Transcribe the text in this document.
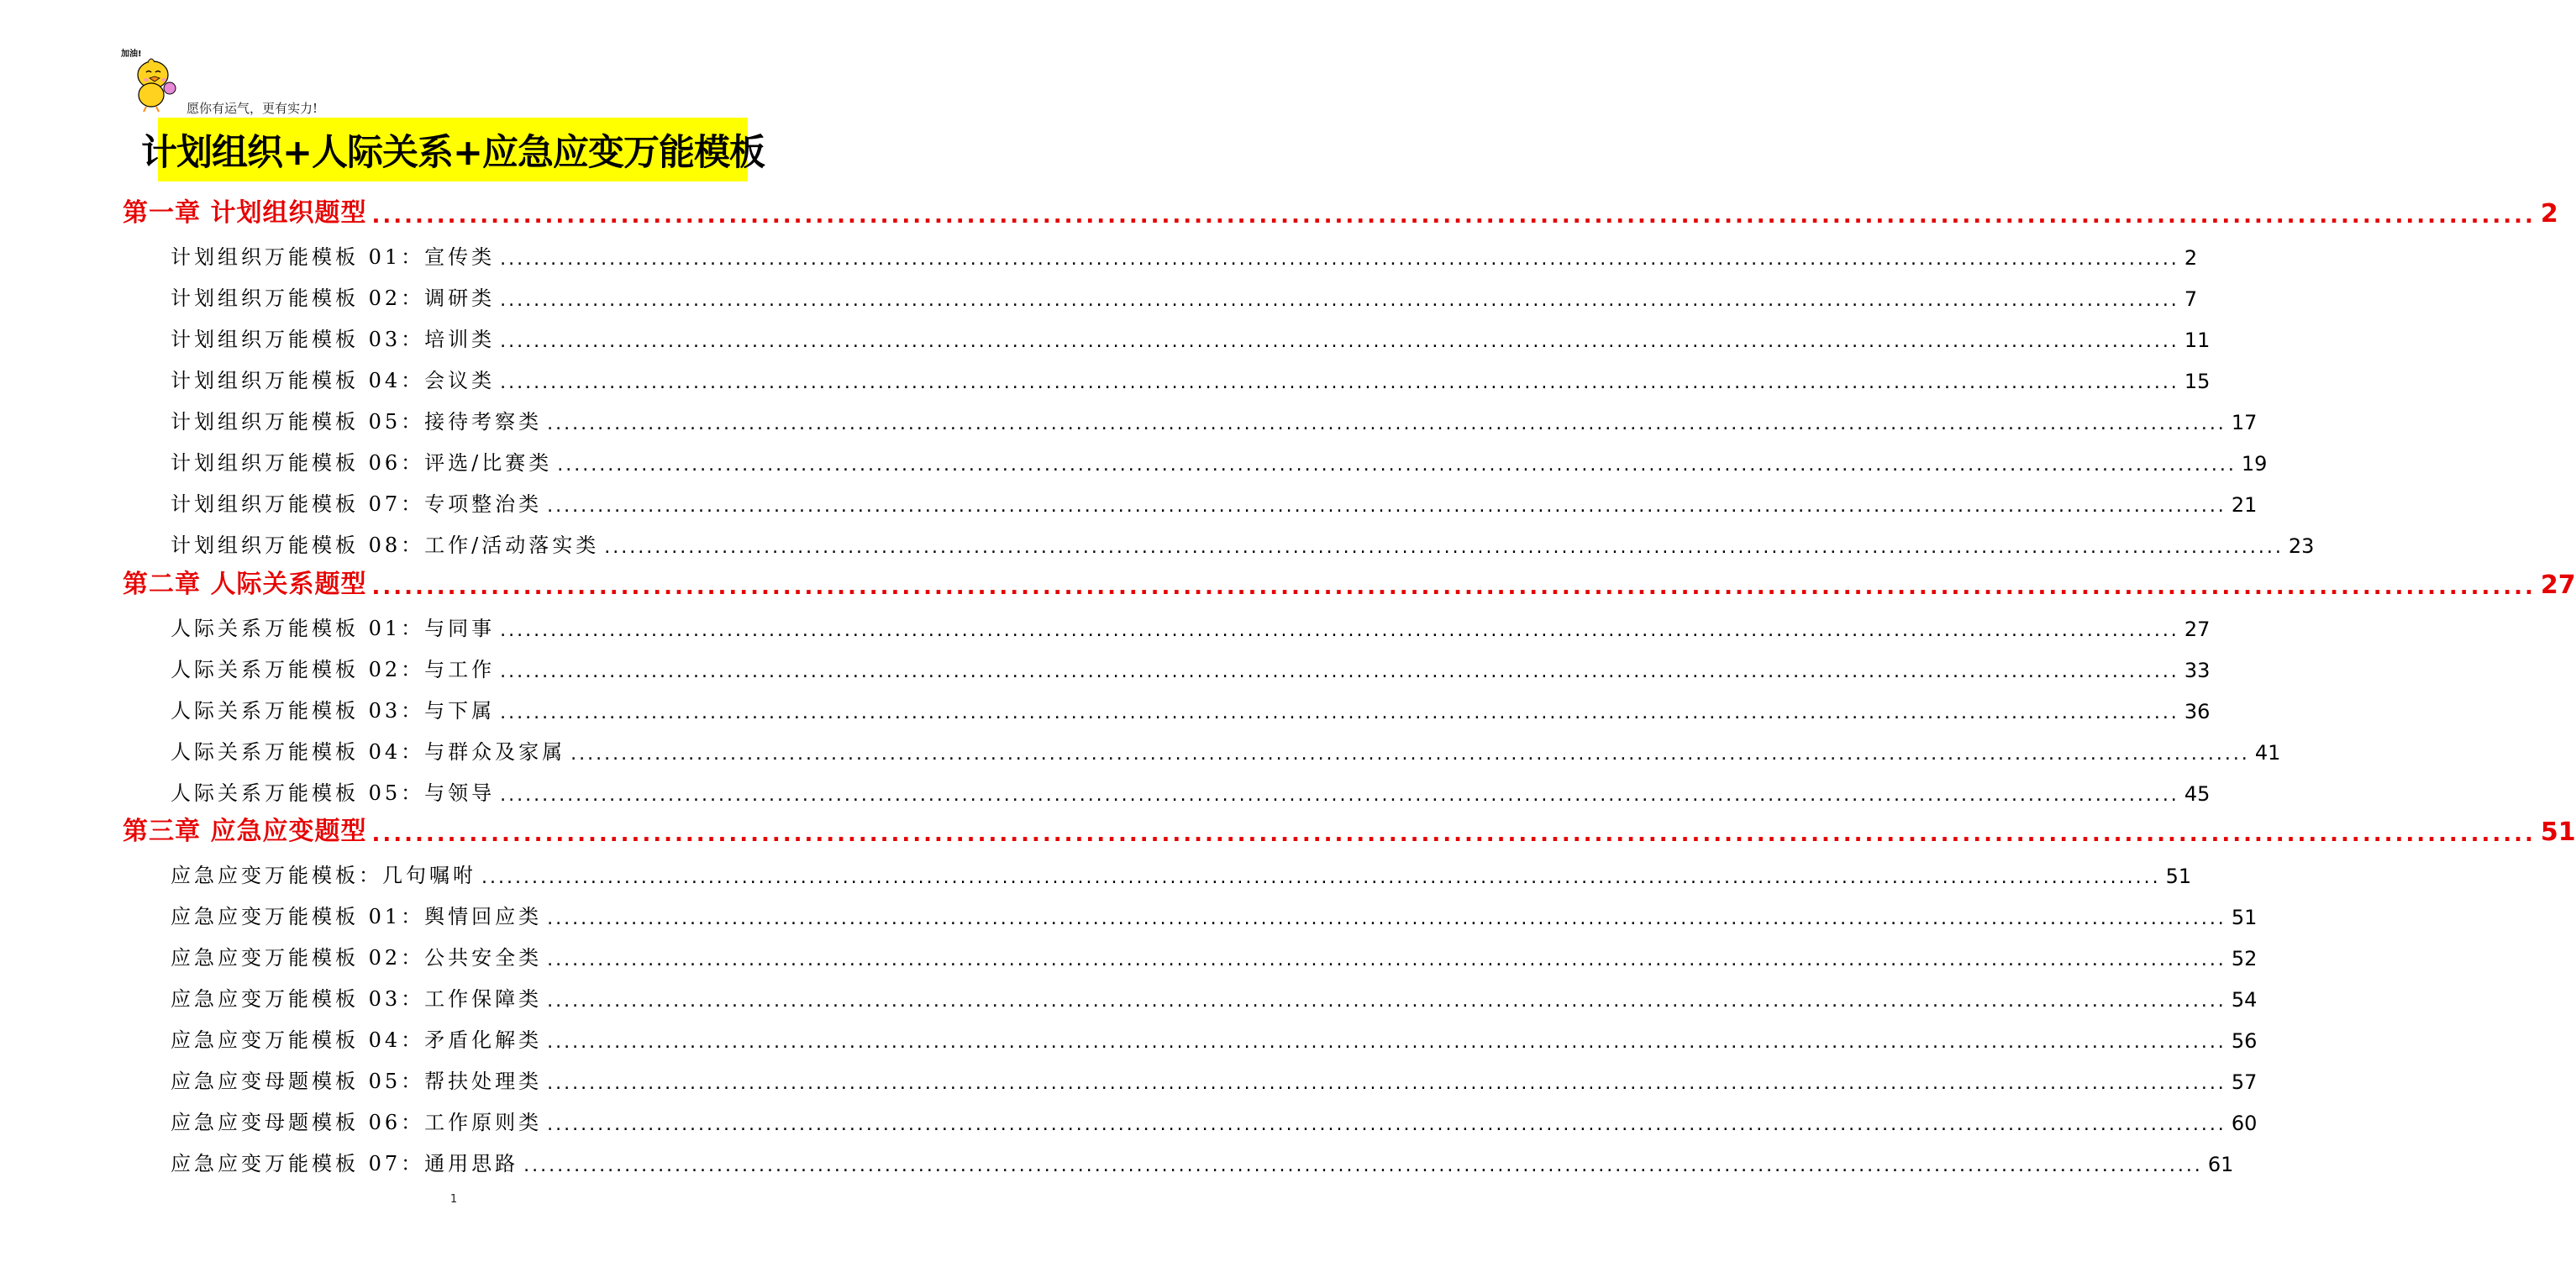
加油!
愿你有运气，更有实力!
计划组织+人际关系+应急应变万能模板
第一章 计划组织题型 ........................................................................................................................................................................................................ 2
计划组织万能模板 01：宣传类 ........................................................................................................................................................................................................ 2
计划组织万能模板 02：调研类 ........................................................................................................................................................................................................ 7
计划组织万能模板 03：培训类 ........................................................................................................................................................................................................ 11
计划组织万能模板 04：会议类 ........................................................................................................................................................................................................ 15
计划组织万能模板 05：接待考察类 ........................................................................................................................................................................................................ 17
计划组织万能模板 06：评选/比赛类 ........................................................................................................................................................................................................ 19
计划组织万能模板 07：专项整治类 ........................................................................................................................................................................................................ 21
计划组织万能模板 08：工作/活动落实类 ........................................................................................................................................................................................................ 23
第二章 人际关系题型 ........................................................................................................................................................................................................ 27
人际关系万能模板 01：与同事 ........................................................................................................................................................................................................ 27
人际关系万能模板 02：与工作 ........................................................................................................................................................................................................ 33
人际关系万能模板 03：与下属 ........................................................................................................................................................................................................ 36
人际关系万能模板 04：与群众及家属 ........................................................................................................................................................................................................ 41
人际关系万能模板 05：与领导 ........................................................................................................................................................................................................ 45
第三章 应急应变题型 ........................................................................................................................................................................................................ 51
应急应变万能模板：几句嘱咐 ........................................................................................................................................................................................................ 51
应急应变万能模板 01：舆情回应类 ........................................................................................................................................................................................................ 51
应急应变万能模板 02：公共安全类 ........................................................................................................................................................................................................ 52
应急应变万能模板 03：工作保障类 ........................................................................................................................................................................................................ 54
应急应变万能模板 04：矛盾化解类 ........................................................................................................................................................................................................ 56
应急应变母题模板 05：帮扶处理类 ........................................................................................................................................................................................................ 57
应急应变母题模板 06：工作原则类 ........................................................................................................................................................................................................ 60
应急应变万能模板 07：通用思路 ........................................................................................................................................................................................................ 61
1
